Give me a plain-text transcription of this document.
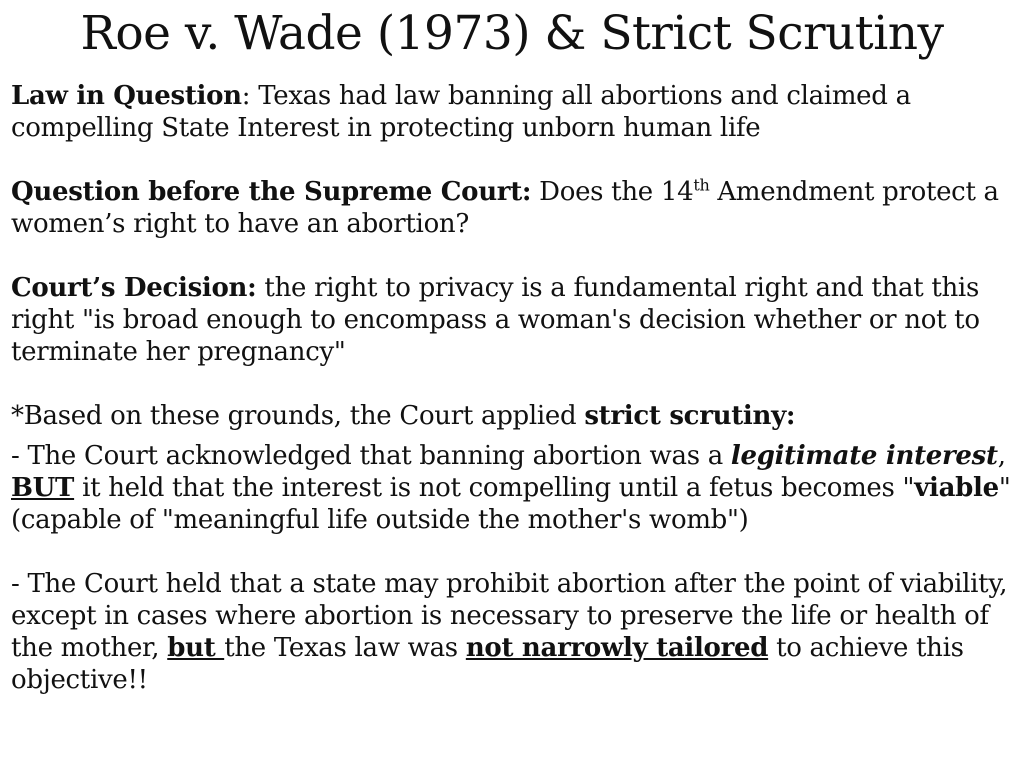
Roe v. Wade (1973) & Strict Scrutiny

Law in Question: Texas had law banning all abortions and claimed a compelling State Interest in protecting unborn human life

Question before the Supreme Court: Does the 14th Amendment protect a women’s right to have an abortion?

Court’s Decision: the right to privacy is a fundamental right and that this right "is broad enough to encompass a woman's decision whether or not to terminate her pregnancy"

*Based on these grounds, the Court applied strict scrutiny:

- The Court acknowledged that banning abortion was a legitimate interest, BUT it held that the interest is not compelling until a fetus becomes "viable" (capable of "meaningful life outside the mother's womb")

- The Court held that a state may prohibit abortion after the point of viability, except in cases where abortion is necessary to preserve the life or health of the mother, but the Texas law was not narrowly tailored to achieve this objective!!
